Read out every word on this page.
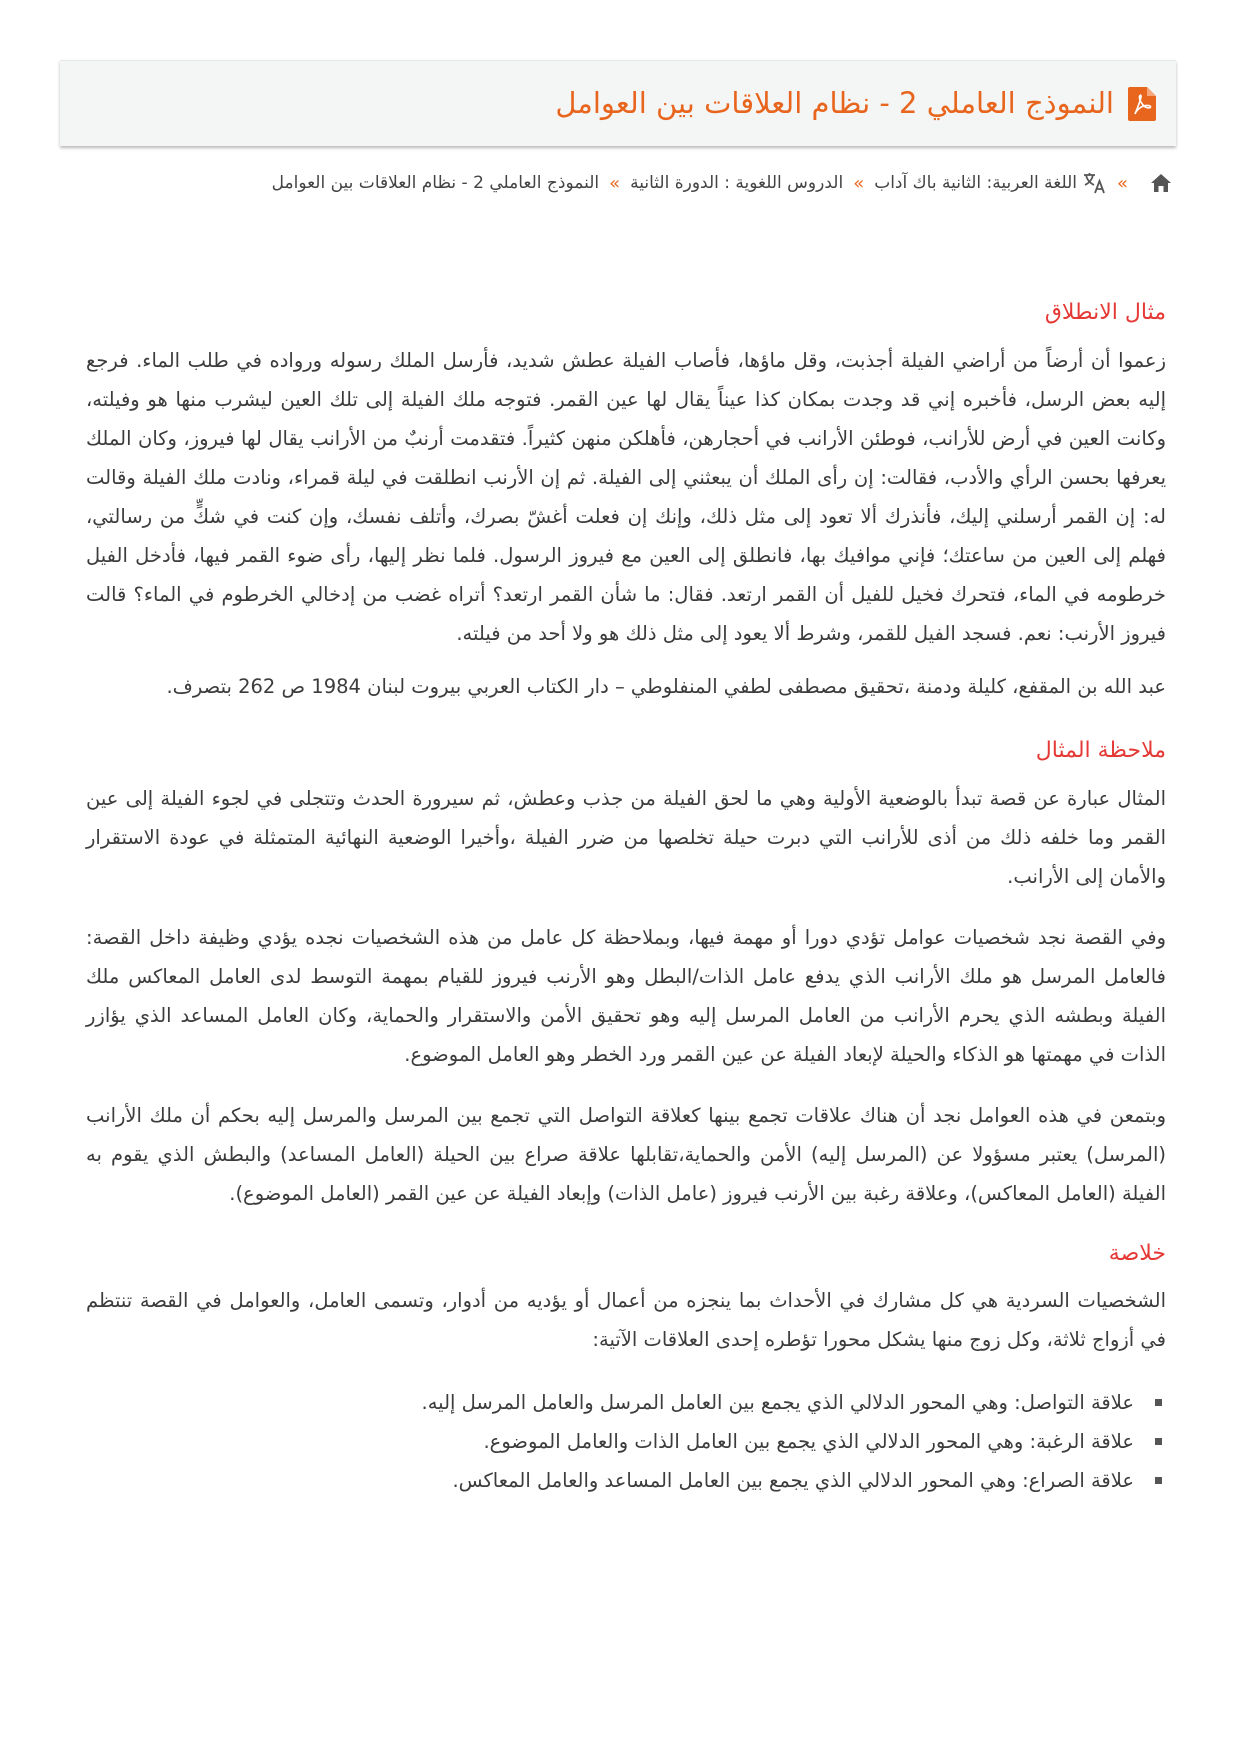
النموذج العاملي 2 - نظام العلاقات بين العوامل
»
اللغة العربية: الثانية باك آداب
»
الدروس اللغوية : الدورة الثانية
»
النموذج العاملي 2 - نظام العلاقات بين العوامل
مثال الانطلاق

زعموا أن أرضاً من أراضي الفيلة أجذبت، وقل ماؤها، فأصاب الفيلة عطش شديد، فأرسل الملك رسوله ورواده في طلب الماء. فرجع إليه بعض الرسل، فأخبره إني قد وجدت بمكان كذا عيناً يقال لها عين القمر. فتوجه ملك الفيلة إلى تلك العين ليشرب منها هو وفيلته، وكانت العين في أرض للأرانب، فوطئن الأرانب في أحجارهن، فأهلكن منهن كثيراً. فتقدمت أرنبٌ من الأرانب يقال لها فيروز، وكان الملك يعرفها بحسن الرأي والأدب، فقالت: إن رأى الملك أن يبعثني إلى الفيلة. ثم إن الأرنب انطلقت في ليلة قمراء، ونادت ملك الفيلة وقالت له: إن القمر أرسلني إليك، فأنذرك ألا تعود إلى مثل ذلك، وإنك إن فعلت أغشّ بصرك، وأتلف نفسك، وإن كنت في شكٍّ من رسالتي، فهلم إلى العين من ساعتك؛ فإني موافيك بها، فانطلق إلى العين مع فيروز الرسول. فلما نظر إليها، رأى ضوء القمر فيها، فأدخل الفيل خرطومه في الماء، فتحرك فخيل للفيل أن القمر ارتعد. فقال: ما شأن القمر ارتعد؟ أتراه غضب من إدخالي الخرطوم في الماء؟ قالت فيروز الأرنب: نعم. فسجد الفيل للقمر، وشرط ألا يعود إلى مثل ذلك هو ولا أحد من فيلته.

عبد الله بن المقفع، كليلة ودمنة ،تحقيق مصطفى لطفي المنفلوطي – دار الكتاب العربي بيروت لبنان 1984 ص 262 بتصرف.

ملاحظة المثال

المثال عبارة عن قصة تبدأ بالوضعية الأولية وهي ما لحق الفيلة من جذب وعطش، ثم سيرورة الحدث وتتجلى في لجوء الفيلة إلى عين القمر وما خلفه ذلك من أذى للأرانب التي دبرت حيلة تخلصها من ضرر الفيلة ،وأخيرا الوضعية النهائية المتمثلة في عودة الاستقرار والأمان إلى الأرانب.

وفي القصة نجد شخصيات عوامل تؤدي دورا أو مهمة فيها، وبملاحظة كل عامل من هذه الشخصيات نجده يؤدي وظيفة داخل القصة: فالعامل المرسل هو ملك الأرانب الذي يدفع عامل الذات/البطل وهو الأرنب فيروز للقيام بمهمة التوسط لدى العامل المعاكس ملك الفيلة وبطشه الذي يحرم الأرانب من العامل المرسل إليه وهو تحقيق الأمن والاستقرار والحماية، وكان العامل المساعد الذي يؤازر الذات في مهمتها هو الذكاء والحيلة لإبعاد الفيلة عن عين القمر ورد الخطر وهو العامل الموضوع.

وبتمعن في هذه العوامل نجد أن هناك علاقات تجمع بينها كعلاقة التواصل التي تجمع بين المرسل والمرسل إليه بحكم أن ملك الأرانب (المرسل) يعتبر مسؤولا عن (المرسل إليه) الأمن والحماية،تقابلها علاقة صراع بين الحيلة (العامل المساعد) والبطش الذي يقوم به الفيلة (العامل المعاكس)، وعلاقة رغبة بين الأرنب فيروز (عامل الذات) وإبعاد الفيلة عن عين القمر (العامل الموضوع).

خلاصة

الشخصيات السردية هي كل مشارك في الأحداث بما ينجزه من أعمال أو يؤديه من أدوار، وتسمى العامل، والعوامل في القصة تنتظم في أزواج ثلاثة، وكل زوج منها يشكل محورا تؤطره إحدى العلاقات الآتية:

علاقة التواصل: وهي المحور الدلالي الذي يجمع بين العامل المرسل والعامل المرسل إليه.
علاقة الرغبة: وهي المحور الدلالي الذي يجمع بين العامل الذات والعامل الموضوع.
علاقة الصراع: وهي المحور الدلالي الذي يجمع بين العامل المساعد والعامل المعاكس.
